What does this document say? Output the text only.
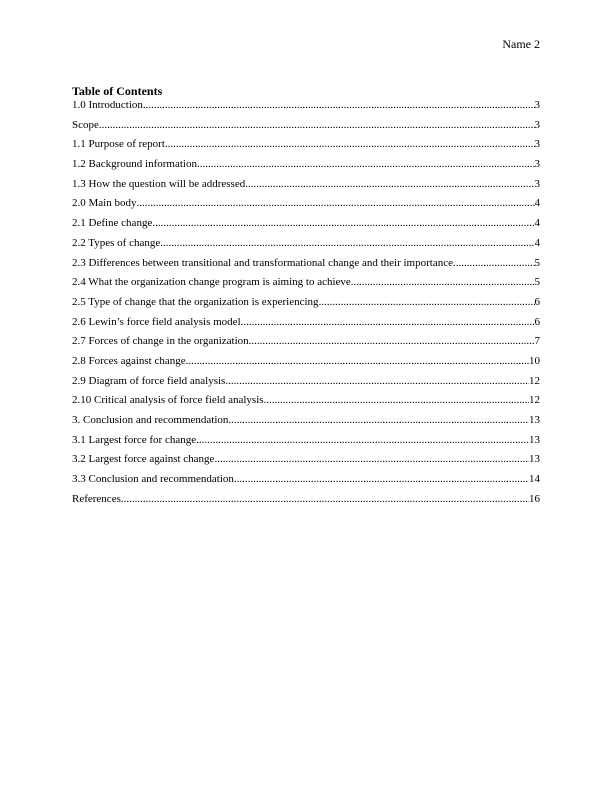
Name 2

Table of Contents

1.0 Introduction .....	3
Scope .....	3
1.1 Purpose of report .....	3
1.2 Background information .....	3
1.3 How the question will be addressed .....	3
2.0 Main body .....	4
2.1 Define change .....	4
2.2 Types of change .....	4
2.3 Differences between transitional and transformational change and their importance .....	5
2.4 What the organization change program is aiming to achieve .....	5
2.5 Type of change that the organization is experiencing .....	6
2.6 Lewin’s force field analysis model .....	6
2.7 Forces of change in the organization .....	7
2.8 Forces against change .....	10
2.9 Diagram of force field analysis .....	12
2.10 Critical analysis of force field analysis .....	12
3. Conclusion and recommendation .....	13
3.1 Largest force for change .....	13
3.2 Largest force against change .....	13
3.3 Conclusion and recommendation .....	14
References .....	16
